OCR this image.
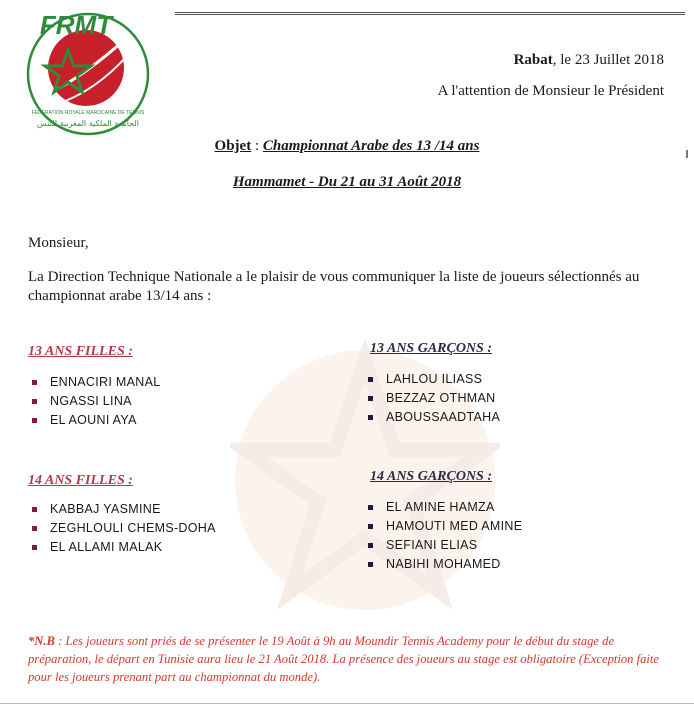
FRMT
FÉDÉRATION ROYALE MAROCAINE DE TENNIS
الجامعة الملكية المغربية للتنس
Rabat, le 23 Juillet 2018
A l'attention de Monsieur le Président
Objet : Championnat Arabe des 13 /14 ans
Hammamet - Du 21 au 31 Août 2018
Monsieur,
La Direction Technique Nationale a le plaisir de vous communiquer la liste de joueurs sélectionnés au championnat arabe 13/14 ans :
13 ANS FILLES :
ENNACIRI MANAL
NGASSI LINA
EL AOUNI AYA
13 ANS GARÇONS :
LAHLOU ILIASS
BEZZAZ OTHMAN
ABOUSSAADTAHA
14 ANS FILLES :
KABBAJ YASMINE
ZEGHLOULI CHEMS-DOHA
EL ALLAMI MALAK
14 ANS GARÇONS :
EL AMINE HAMZA
HAMOUTI MED AMINE
SEFIANI ELIAS
NABIHI MOHAMED
*N.B : Les joueurs sont priés de se présenter le 19 Août à 9h au Moundir Tennis Academy pour le début du stage de préparation, le départ en Tunisie aura lieu le 21 Août 2018. La présence des joueurs au stage est obligatoire (Exception faite pour les joueurs prenant part au championnat du monde).
